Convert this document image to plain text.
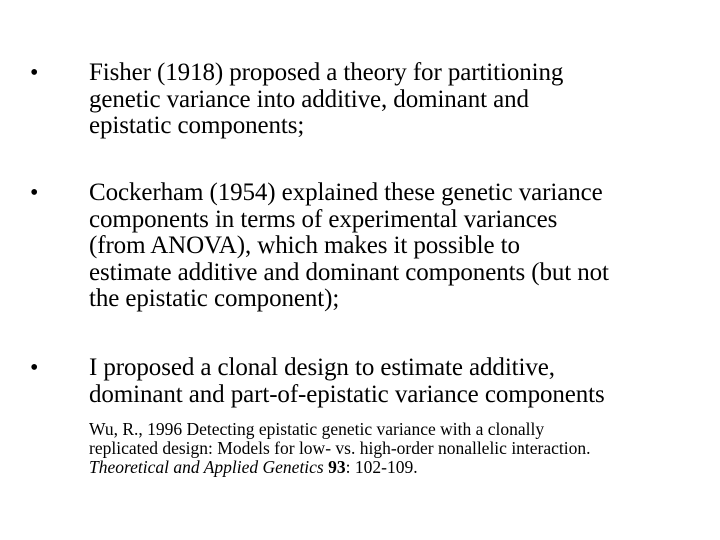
• Fisher (1918) proposed a theory for partitioning
genetic variance into additive, dominant and
epistatic components;
• Cockerham (1954) explained these genetic variance
components in terms of experimental variances
(from ANOVA), which makes it possible to
estimate additive and dominant components (but not
the epistatic component);
• I proposed a clonal design to estimate additive,
dominant and part-of-epistatic variance components
Wu, R., 1996 Detecting epistatic genetic variance with a clonally
replicated design: Models for low- vs. high-order nonallelic interaction.
Theoretical and Applied Genetics 93: 102-109.
